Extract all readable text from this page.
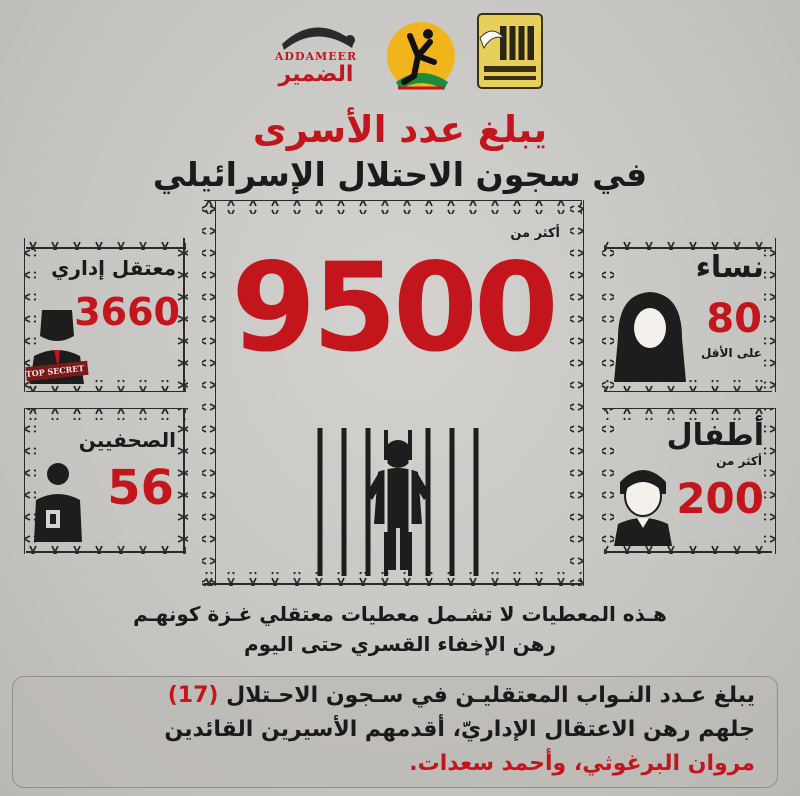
ADDAMEER
الضمير
يبلغ عدد الأسرى
في سجون الاحتلال الإسرائيلي
أكثر من
9500
معتقل إداري
3660
TOP SECRET
الصحفيين
56
نساء
80
على الأقل
أطفال
أكثر من
200
هـذه المعطيات لا تشـمل معطيات معتقلي غـزة كونهـم
رهن الإخفاء القسري حتى اليوم
يبلغ عـدد النـواب المعتقليـن في سـجون الاحـتلال (17)
جلهم رهن الاعتقال الإداريّ، أقدمهم الأسيرين القائدين
مروان البرغوثي، وأحمد سعدات.
